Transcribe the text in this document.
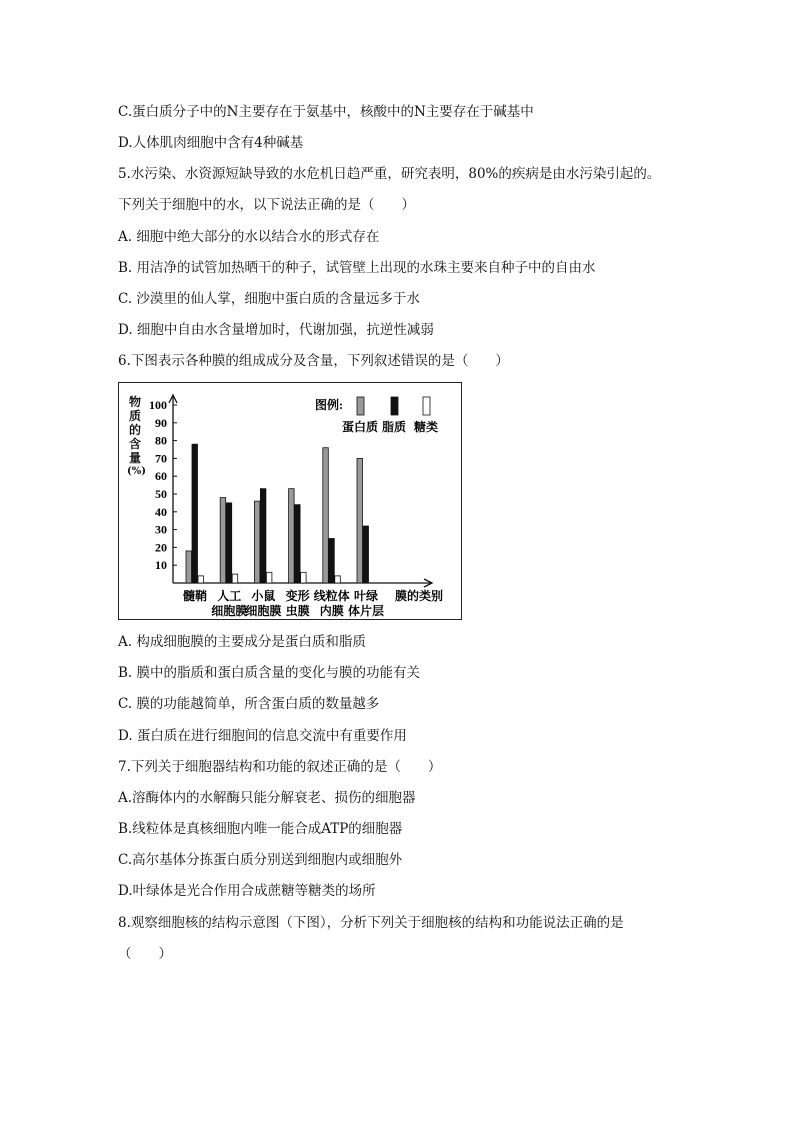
C.蛋白质分子中的N主要存在于氨基中，核酸中的N主要存在于碱基中
D.人体肌肉细胞中含有4种碱基
5.水污染、水资源短缺导致的水危机日趋严重，研究表明，80%的疾病是由水污染引起的。
下列关于细胞中的水，以下说法正确的是（　　）
A. 细胞中绝大部分的水以结合水的形式存在
B. 用洁净的试管加热晒干的种子，试管壁上出现的水珠主要来自种子中的自由水
C. 沙漠里的仙人掌，细胞中蛋白质的含量远多于水
D. 细胞中自由水含量增加时，代谢加强，抗逆性减弱
6.下图表示各种膜的组成成分及含量，下列叙述错误的是（　　）
物
质
的
含
量
(%)
10
20
30
40
50
60
70
80
90
100
髓鞘 人工
细胞膜
小鼠
细胞膜
变形
虫膜
线粒体
内膜
叶绿
体片层
膜的类别
图例:
蛋白质 脂质 糖类
A. 构成细胞膜的主要成分是蛋白质和脂质
B. 膜中的脂质和蛋白质含量的变化与膜的功能有关
C. 膜的功能越简单，所含蛋白质的数量越多
D. 蛋白质在进行细胞间的信息交流中有重要作用
7.下列关于细胞器结构和功能的叙述正确的是（　　）
A.溶酶体内的水解酶只能分解衰老、损伤的细胞器
B.线粒体是真核细胞内唯一能合成ATP的细胞器
C.高尔基体分拣蛋白质分别送到细胞内或细胞外
D.叶绿体是光合作用合成蔗糖等糖类的场所
8.观察细胞核的结构示意图（下图），分析下列关于细胞核的结构和功能说法正确的是
（　　）
